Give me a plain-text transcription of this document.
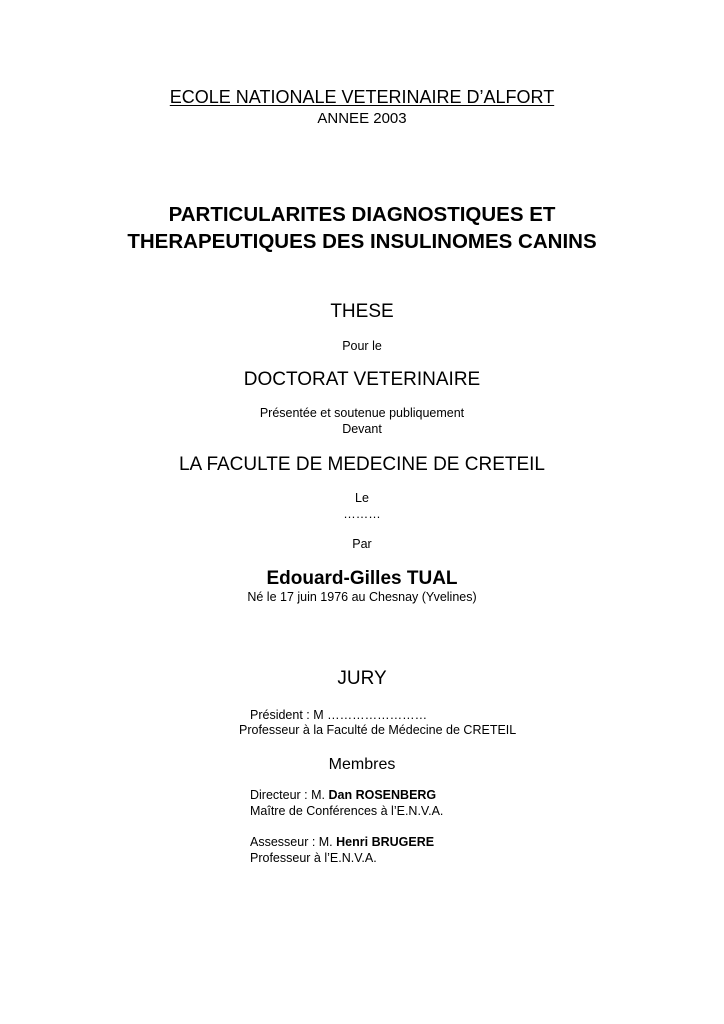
ECOLE NATIONALE VETERINAIRE D’ALFORT
ANNEE 2003
PARTICULARITES DIAGNOSTIQUES ET
THERAPEUTIQUES DES INSULINOMES CANINS
THESE
Pour le
DOCTORAT VETERINAIRE
Présentée et soutenue publiquement
Devant
LA FACULTE DE MEDECINE DE CRETEIL
Le
………
Par
Edouard-Gilles TUAL
Né le 17 juin 1976 au Chesnay (Yvelines)
JURY
Président : M ……………………
Professeur à la Faculté de Médecine de CRETEIL
Membres
Directeur : M. Dan ROSENBERG
Maître de Conférences à l’E.N.V.A.
Assesseur : M. Henri BRUGERE
Professeur à l’E.N.V.A.
